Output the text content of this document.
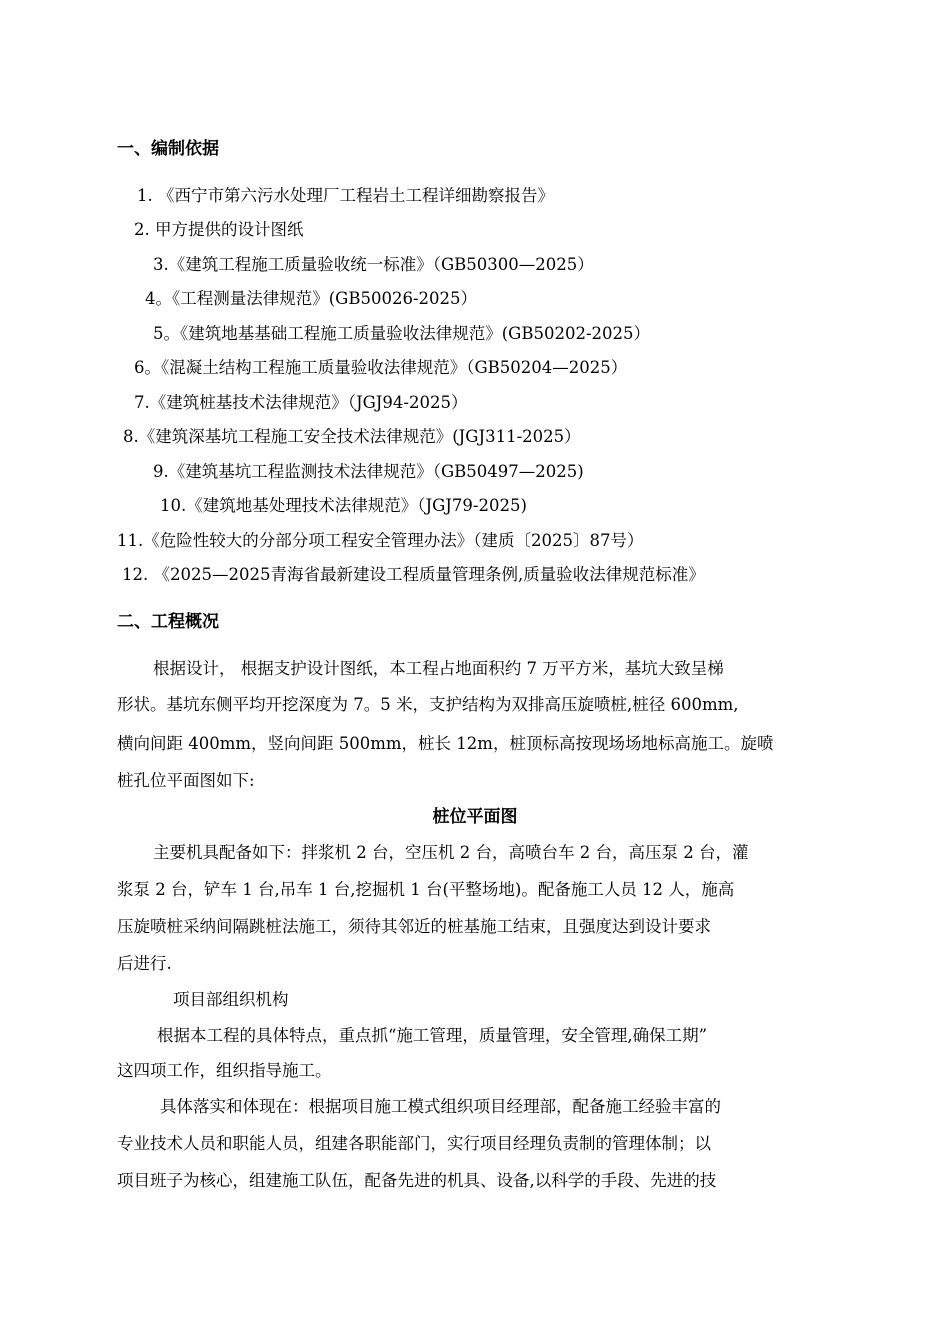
一、编制依据
1. 《西宁市第六污水处理厂工程岩土工程详细勘察报告》
2. 甲方提供的设计图纸
3.《建筑工程施工质量验收统一标准》（GB50300—2025）
4。《工程测量法律规范》(GB50026-2025）
5。《建筑地基基础工程施工质量验收法律规范》(GB50202-2025）
6。《混凝土结构工程施工质量验收法律规范》（GB50204—2025）
7.《建筑桩基技术法律规范》（JGJ94-2025）
8.《建筑深基坑工程施工安全技术法律规范》(JGJ311-2025）
9.《建筑基坑工程监测技术法律规范》（GB50497—2025)
10.《建筑地基处理技术法律规范》（JGJ79-2025)
11.《危险性较大的分部分项工程安全管理办法》（建质〔2025〕87号）
12. 《2025—2025青海省最新建设工程质量管理条例,质量验收法律规范标准》
二、工程概况
根据设计， 根据支护设计图纸，本工程占地面积约 7 万平方米，基坑大致呈梯
形状。基坑东侧平均开挖深度为 7。5 米，支护结构为双排高压旋喷桩,桩径 600mm,
横向间距 400mm，竖向间距 500mm，桩长 12m，桩顶标高按现场场地标高施工。旋喷
桩孔位平面图如下:
桩位平面图
主要机具配备如下：拌浆机 2 台，空压机 2 台，高喷台车 2 台，高压泵 2 台，灌
浆泵 2 台，铲车 1 台,吊车 1 台,挖掘机 1 台(平整场地)。配备施工人员 12 人，施高
压旋喷桩采纳间隔跳桩法施工，须待其邻近的桩基施工结束，且强度达到设计要求
后进行.
项目部组织机构
根据本工程的具体特点，重点抓“施工管理，质量管理，安全管理,确保工期”
这四项工作，组织指导施工。
具体落实和体现在：根据项目施工模式组织项目经理部，配备施工经验丰富的
专业技术人员和职能人员，组建各职能部门，实行项目经理负责制的管理体制；以
项目班子为核心，组建施工队伍，配备先进的机具、设备,以科学的手段、先进的技
